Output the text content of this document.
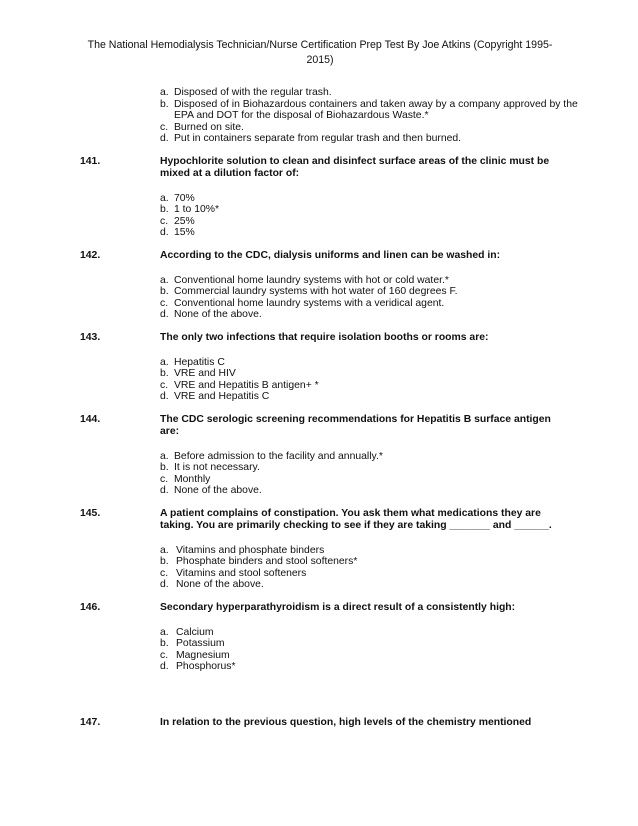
The National Hemodialysis Technician/Nurse Certification Prep Test By Joe Atkins (Copyright 1995-
2015)
a. Disposed of with the regular trash.
b. Disposed of in Biohazardous containers and taken away by a company approved by the EPA and DOT for the disposal of Biohazardous Waste.*
c. Burned on site.
d. Put in containers separate from regular trash and then burned.
141.	Hypochlorite solution to clean and disinfect surface areas of the clinic must be mixed at a dilution factor of:
a. 70%
b. 1 to 10%*
c. 25%
d. 15%
142.	According to the CDC, dialysis uniforms and linen can be washed in:
a. Conventional home laundry systems with hot or cold water.*
b. Commercial laundry systems with hot water of 160 degrees F.
c. Conventional home laundry systems with a veridical agent.
d. None of the above.
143.	The only two infections that require isolation booths or rooms are:
a. Hepatitis C
b. VRE and HIV
c. VRE and Hepatitis B antigen+ *
d. VRE and Hepatitis C
144.	The CDC serologic screening recommendations for Hepatitis B surface antigen are:
a. Before admission to the facility and annually.*
b. It is not necessary.
c. Monthly
d. None of the above.
145.	A patient complains of constipation. You ask them what medications they are taking. You are primarily checking to see if they are taking _______ and ______.
a. Vitamins and phosphate binders
b. Phosphate binders and stool softeners*
c. Vitamins and stool softeners
d. None of the above.
146.	Secondary hyperparathyroidism is a direct result of a consistently high:
a. Calcium
b. Potassium
c. Magnesium
d. Phosphorus*
147.	In relation to the previous question, high levels of the chemistry mentioned
